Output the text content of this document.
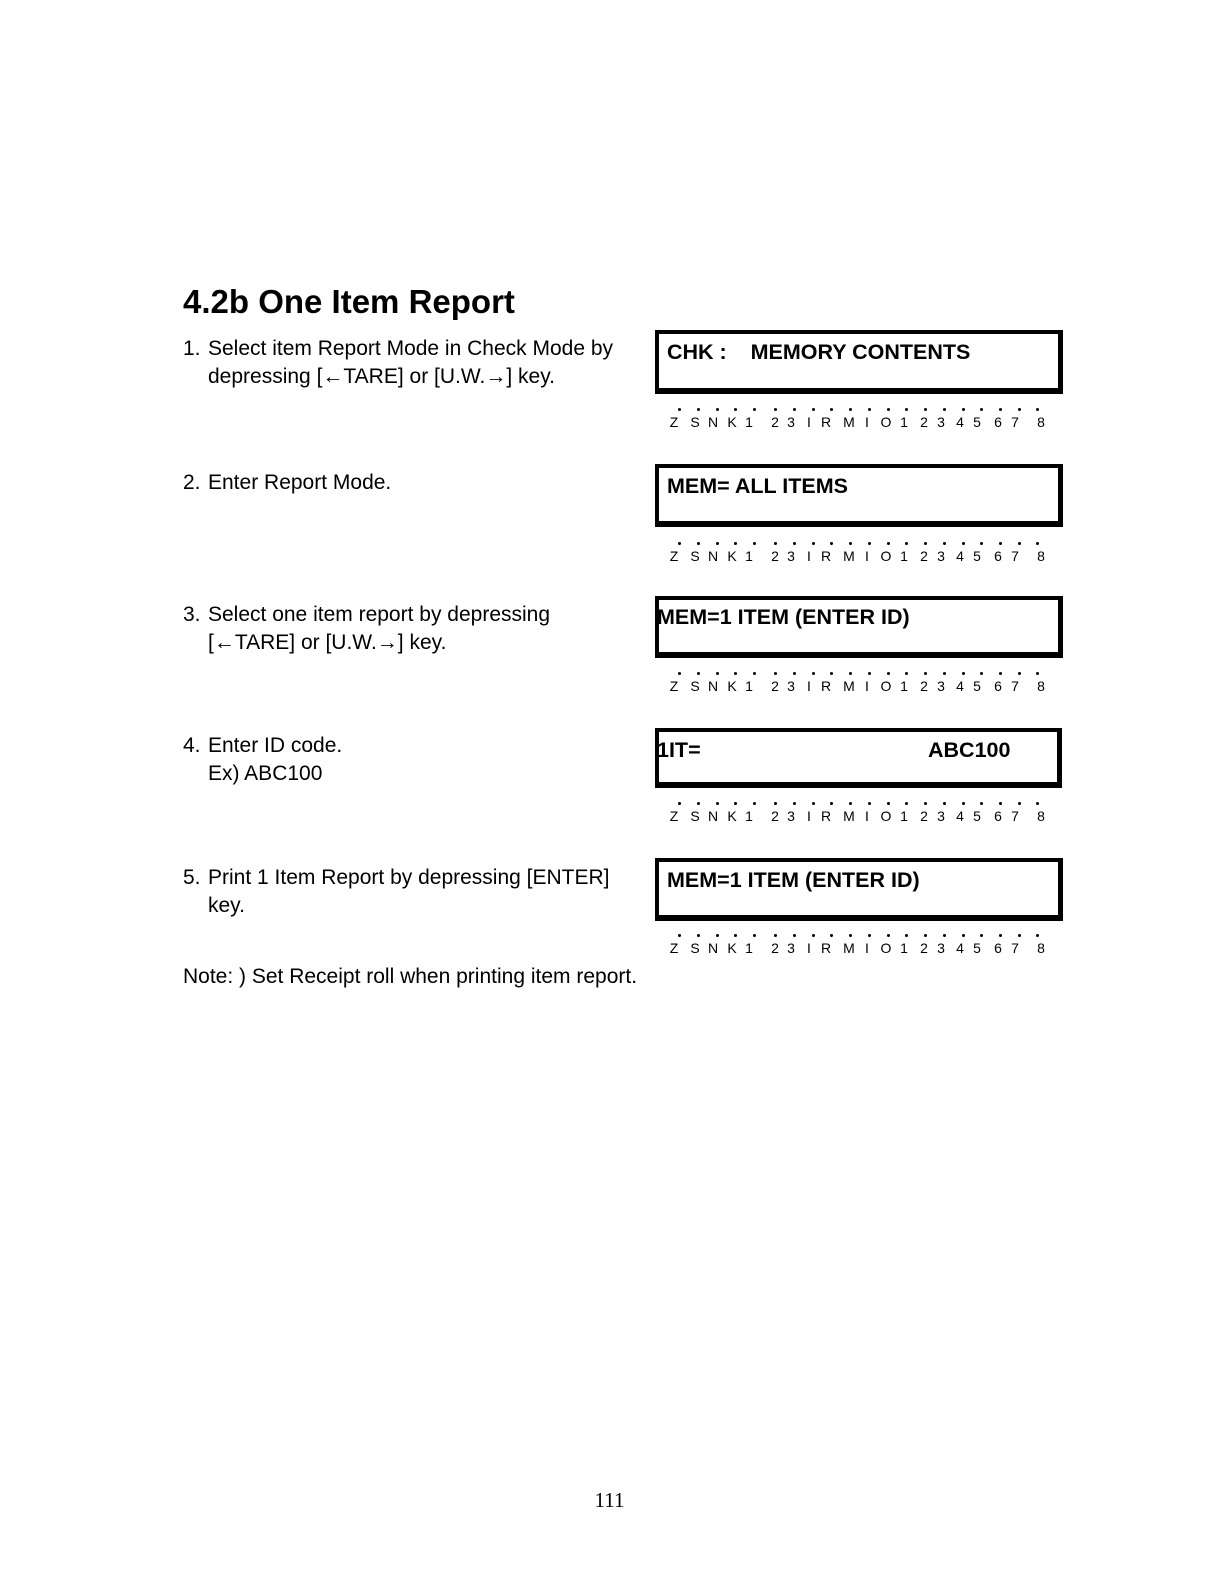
4.2b One Item Report
1. Select item Report Mode in Check Mode by
depressing [←TARE] or [U.W.→] key.
CHK :    MEMORY CONTENTS
Z S N K 1 2 3 I R M I O 1 2 3 4 5 6 7 8
2. Enter Report Mode.	MEM= ALL ITEMS
Z S N K 1 2 3 I R M I O 1 2 3 4 5 6 7 8
3. Select one item report by depressing
[←TARE] or [U.W.→] key.
MEM=1 ITEM (ENTER ID)
Z S N K 1 2 3 I R M I O 1 2 3 4 5 6 7 8
4. Enter ID code.
Ex) ABC100
1IT=	ABC100
Z S N K 1 2 3 I R M I O 1 2 3 4 5 6 7 8
5. Print 1 Item Report by depressing [ENTER]
key.
MEM=1 ITEM (ENTER ID)
Z S N K 1 2 3 I R M I O 1 2 3 4 5 6 7 8
Note: ) Set Receipt roll when printing item report.
111
